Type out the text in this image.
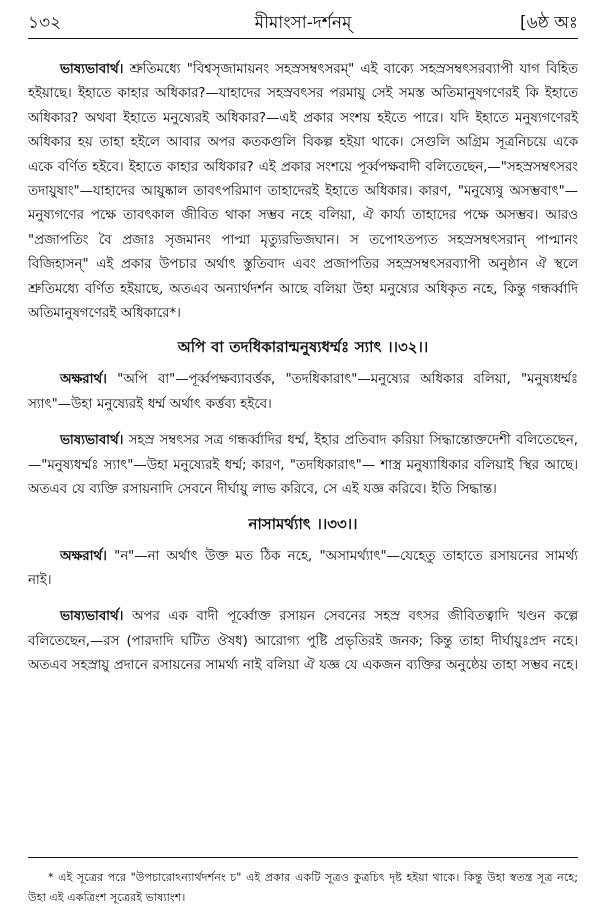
১৩২	মীমাংসা-দর্শনম্	[৬ষ্ঠ অঃ

ভাষ্যভাবার্থ। শ্রুতিমধ্যে "বিশ্বসৃজামায়নং সহস্রসম্বৎসরম্" এই বাক্যে সহস্রসম্বৎসরব্যাপী যাগ বিহিত হইয়াছে। ইহাতে কাহার অধিকার?—যাহাদের সহস্রবৎসর পরমায়ু সেই সমস্ত অতিমানুষগণেরই কি ইহাতে অধিকার? অথবা ইহাতে মনুষ্যেরই অধিকার?—এই প্রকার সংশয় হইতে পারে। যদি ইহাতে মনুষ্যগণেরই অধিকার হয় তাহা হইলে আবার অপর কতকগুলি বিকল্প হইয়া থাকে। সেগুলি অগ্রিম সূত্রনিচয়ে একে একে বর্ণিত হইবে। ইহাতে কাহার অধিকার? এই প্রকার সংশয়ে পূর্ব্বপক্ষবাদী বলিতেছেন,—"সহস্রসম্বৎসরং তদায়ুষাং"—যাহাদের আয়ুষ্কাল তাবৎপরিমাণ তাহাদেরই ইহাতে অধিকার। কারণ, "মনুষ্যেষু অসম্ভবাৎ"— মনুষ্যগণের পক্ষে তাবৎকাল জীবিত থাকা সম্ভব নহে বলিয়া, ঐ কার্য্য তাহাদের পক্ষে অসম্ভব। আরও "প্রজাপতিং বৈ প্রজাঃ সৃজমানং পাপ্মা মৃত্যুরভিজঘান। স তপোঽতপ্যত সহস্রসম্বৎসরান্ পাপ্মানং বিজিহাসন্" এই প্রকার উপচার অর্থাৎ স্তুতিবাদ এবং প্রজাপতির সহস্রসম্বৎসরব্যাপী অনুষ্ঠান ঐ স্থলে শ্রুতিমধ্যে বর্ণিত হইয়াছে, অতএব অন্যার্থদর্শন আছে বলিয়া উহা মনুষ্যের অধিকৃত নহে, কিন্তু গন্ধর্ব্বাদি অতিমানুষগণেরই অধিকারে*।

অপি বা তদধিকারান্মনুষ্যধর্ম্মঃ স্যাৎ ।।৩২।।

অক্ষরার্থ। "অপি বা"—পূর্ব্বপক্ষব্যাবর্ত্তক, "তদধিকারাৎ"—মনুষ্যের অধিকার বলিয়া, "মনুষ্যধর্ম্মঃ স্যাৎ"—উহা মনুষ্যেরই ধর্ম্ম অর্থাৎ কর্ত্তব্য হইবে।

ভাষ্যভাবার্থ। সহস্র সম্বৎসর সত্র গন্ধর্ব্বাদির ধর্ম্ম, ইহার প্রতিবাদ করিয়া সিদ্ধান্তোক্তদেশী বলিতেছেন,—"মনুষ্যধর্ম্মঃ স্যাৎ"—উহা মনুষ্যেরই ধর্ম্ম; কারণ, "তদধিকারাৎ"— শাস্ত্র মনুষ্যাধিকার বলিয়াই স্থির আছে। অতএব যে ব্যক্তি রসায়নাদি সেবনে দীর্ঘায়ু লাভ করিবে, সে এই যজ্ঞ করিবে। ইতি সিদ্ধান্ত।

নাসামর্থ্যাৎ ।।৩৩।।

অক্ষরার্থ। "ন"—না অর্থাৎ উক্ত মত ঠিক নহে, "অসামর্থ্যাৎ"—যেহেতু তাহাতে রসায়নের সামর্থ্য নাই।

ভাষ্যভাবার্থ। অপর এক বাদী পূর্ব্বোক্ত রসায়ন সেবনের সহস্র বৎসর জীবিতত্বাদি খণ্ডন কল্পে বলিতেছেন,—রস (পারদাদি ঘটিত ঔষধ) আরোগ্য পুষ্টি প্রভৃতিরই জনক; কিন্তু তাহা দীর্ঘায়ুঃপ্রদ নহে। অতএব সহস্রায়ু প্রদানে রসায়নের সামর্থ্য নাই বলিয়া ঐ যজ্ঞ যে একজন ব্যক্তির অনুষ্ঠেয় তাহা সম্ভব নহে।

* এই সূত্রের পরে "উপচারোঽন্যার্থদর্শনং চ" এই প্রকার একটি সূত্রও কুত্রচিৎ দৃষ্ট হইয়া থাকে। কিন্তু উহা স্বতন্ত্র সূত্র নহে; উহা এই একত্রিংশ সূত্রেরই ভাষ্যাংশ।
